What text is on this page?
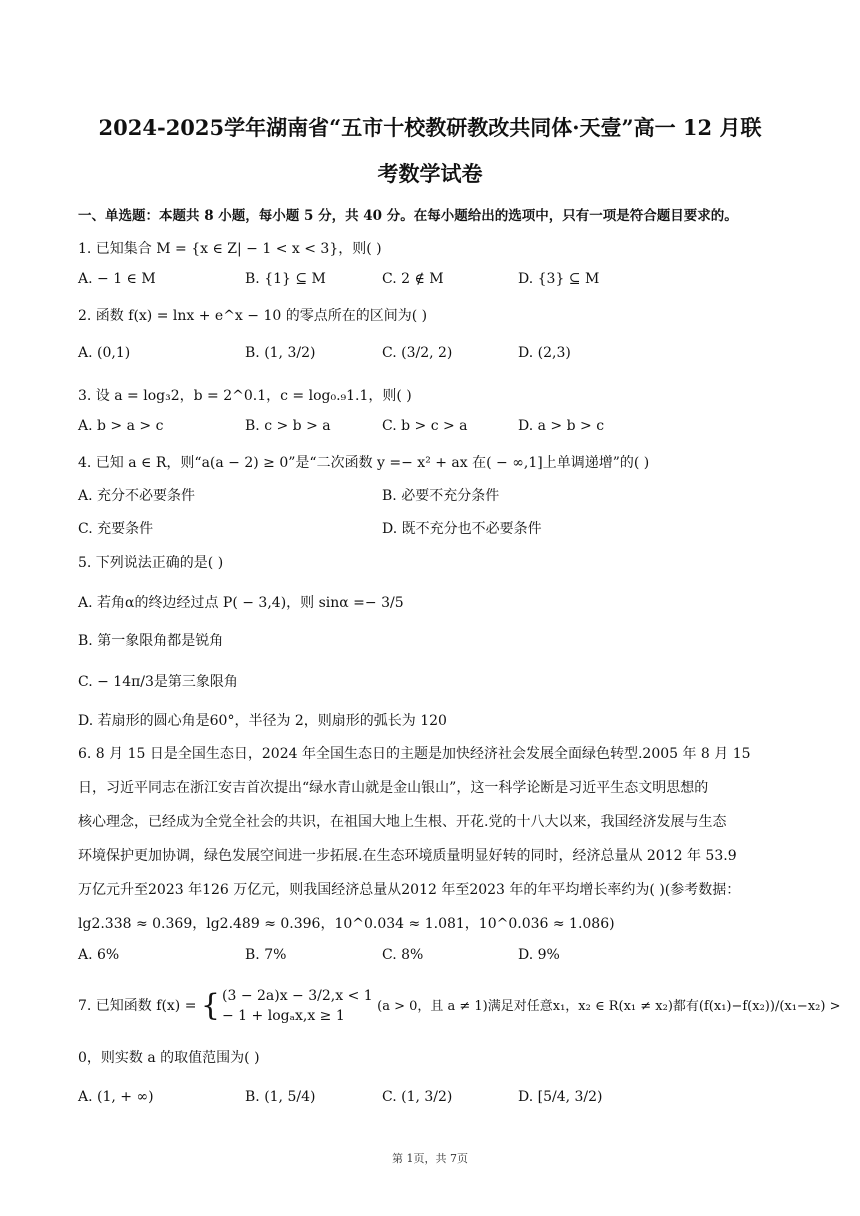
2024-2025学年湖南省“五市十校教研教改共同体·天壹”高一 12 月联
考数学试卷
一、单选题：本题共 8 小题，每小题 5 分，共 40 分。在每小题给出的选项中，只有一项是符合题目要求的。
1. 已知集合 M = {x ∈ Z| − 1 < x < 3}，则( )
A. − 1 ∈ M	B. {1} ⊆ M	C. 2 ∉ M	D. {3} ⊆ M
2. 函数 f(x) = lnx + e^x − 10 的零点所在的区间为( )
A. (0,1)	B. (1, 3/2)	C. (3/2, 2)	D. (2,3)
3. 设 a = log₃2，b = 2^0.1，c = log₀.₉1.1，则( )
A. b > a > c	B. c > b > a	C. b > c > a	D. a > b > c
4. 已知 a ∈ R，则“a(a − 2) ≥ 0”是“二次函数 y =− x² + ax 在( − ∞,1]上单调递增”的( )
A. 充分不必要条件	B. 必要不充分条件
C. 充要条件	D. 既不充分也不必要条件
5. 下列说法正确的是( )
A. 若角α的终边经过点 P( − 3,4)，则 sinα =− 3/5
B. 第一象限角都是锐角
C. − 14π/3是第三象限角
D. 若扇形的圆心角是60°，半径为 2，则扇形的弧长为 120
6. 8 月 15 日是全国生态日，2024 年全国生态日的主题是加快经济社会发展全面绿色转型.2005 年 8 月 15
日，习近平同志在浙江安吉首次提出“绿水青山就是金山银山”，这一科学论断是习近平生态文明思想的
核心理念，已经成为全党全社会的共识，在祖国大地上生根、开花.党的十八大以来，我国经济发展与生态
环境保护更加协调，绿色发展空间进一步拓展.在生态环境质量明显好转的同时，经济总量从 2012 年 53.9
万亿元升至2023 年126 万亿元，则我国经济总量从2012 年至2023 年的年平均增长率约为( )(参考数据：
lg2.338 ≈ 0.369，lg2.489 ≈ 0.396，10^0.034 ≈ 1.081，10^0.036 ≈ 1.086)
A. 6%	B. 7%	C. 8%	D. 9%
7. 已知函数 f(x) = { (3 − 2a)x − 3/2,x < 1
− 1 + logₐx,x ≥ 1
(a > 0，且 a ≠ 1)满足对任意x₁，x₂ ∈ R(x₁ ≠ x₂)都有(f(x₁)−f(x₂))/(x₁−x₂) >
0，则实数 a 的取值范围为( )
A. (1, + ∞)	B. (1, 5/4)	C. (1, 3/2)	D. [5/4, 3/2)
第 1页，共 7页
